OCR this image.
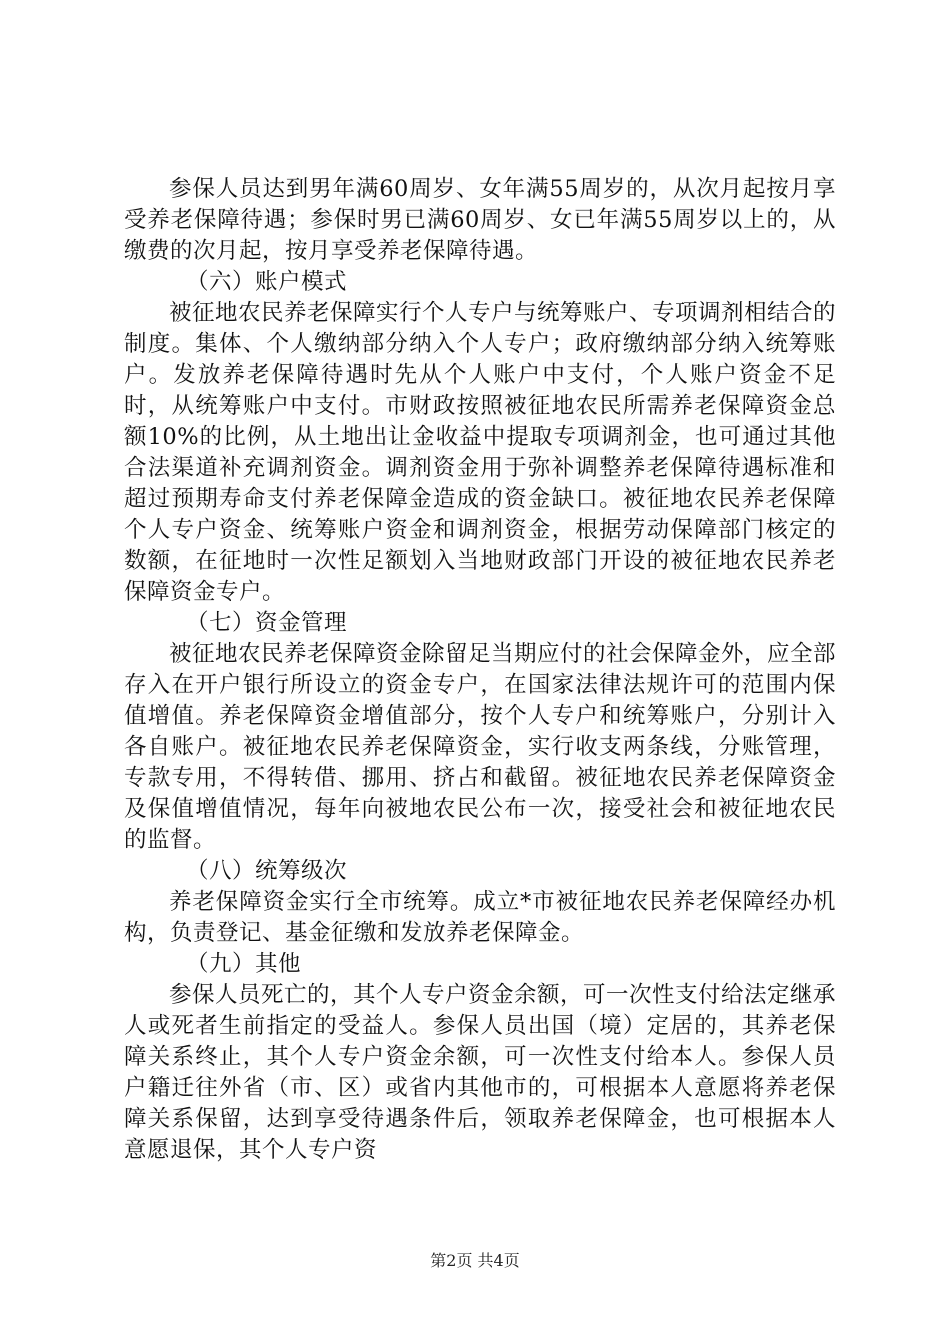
参保人员达到男年满60周岁、女年满55周岁的，从次月起按月享受养老保障待遇；参保时男已满60周岁、女已年满55周岁以上的，从缴费的次月起，按月享受养老保障待遇。

（六）账户模式

被征地农民养老保障实行个人专户与统筹账户、专项调剂相结合的制度。集体、个人缴纳部分纳入个人专户；政府缴纳部分纳入统筹账户。发放养老保障待遇时先从个人账户中支付，个人账户资金不足时，从统筹账户中支付。市财政按照被征地农民所需养老保障资金总额10%的比例，从土地出让金收益中提取专项调剂金，也可通过其他合法渠道补充调剂资金。调剂资金用于弥补调整养老保障待遇标准和超过预期寿命支付养老保障金造成的资金缺口。被征地农民养老保障个人专户资金、统筹账户资金和调剂资金，根据劳动保障部门核定的数额，在征地时一次性足额划入当地财政部门开设的被征地农民养老保障资金专户。

（七）资金管理

被征地农民养老保障资金除留足当期应付的社会保障金外，应全部存入在开户银行所设立的资金专户，在国家法律法规许可的范围内保值增值。养老保障资金增值部分，按个人专户和统筹账户，分别计入各自账户。被征地农民养老保障资金，实行收支两条线，分账管理，专款专用，不得转借、挪用、挤占和截留。被征地农民养老保障资金及保值增值情况，每年向被地农民公布一次，接受社会和被征地农民的监督。

（八）统筹级次

养老保障资金实行全市统筹。成立*市被征地农民养老保障经办机构，负责登记、基金征缴和发放养老保障金。

（九）其他

参保人员死亡的，其个人专户资金余额，可一次性支付给法定继承人或死者生前指定的受益人。参保人员出国（境）定居的，其养老保障关系终止，其个人专户资金余额，可一次性支付给本人。参保人员户籍迁往外省（市、区）或省内其他市的，可根据本人意愿将养老保障关系保留，达到享受待遇条件后，领取养老保障金，也可根据本人意愿退保，其个人专户资

第2页 共4页
